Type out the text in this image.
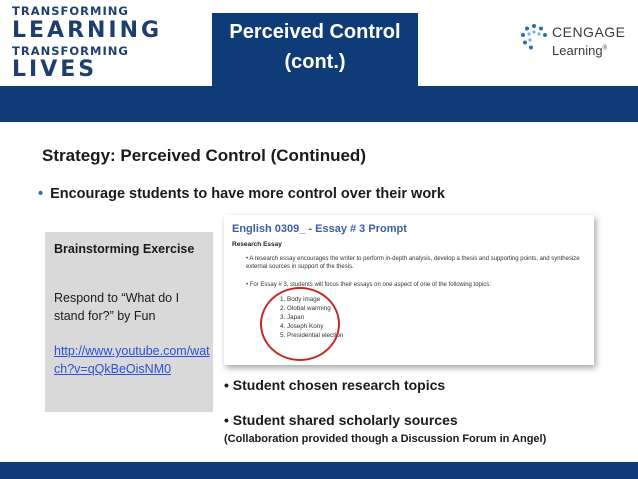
TRANSFORMING
LEARNING
TRANSFORMING
LIVES
Perceived Control
(cont.)
CENGAGE
Learning®
Strategy: Perceived Control (Continued)
• Encourage students to have more control over their work
Brainstorming Exercise
Respond to “What do I stand for?” by Fun
http://www.youtube.com/watch?v=qQkBeOisNM0
English 0309_ - Essay # 3 Prompt
Research Essay
• A research essay encourages the writer to perform in-depth analysis, develop a thesis and supporting points, and synthesize external sources in support of the thesis.
• For Essay # 3, students will focus their essays on one aspect of one of the following topics:
1. Body image
2. Global warming
3. Japan
4. Joseph Kony
5. Presidential election
• Student chosen research topics
• Student shared scholarly sources
(Collaboration provided though a Discussion Forum in Angel)
